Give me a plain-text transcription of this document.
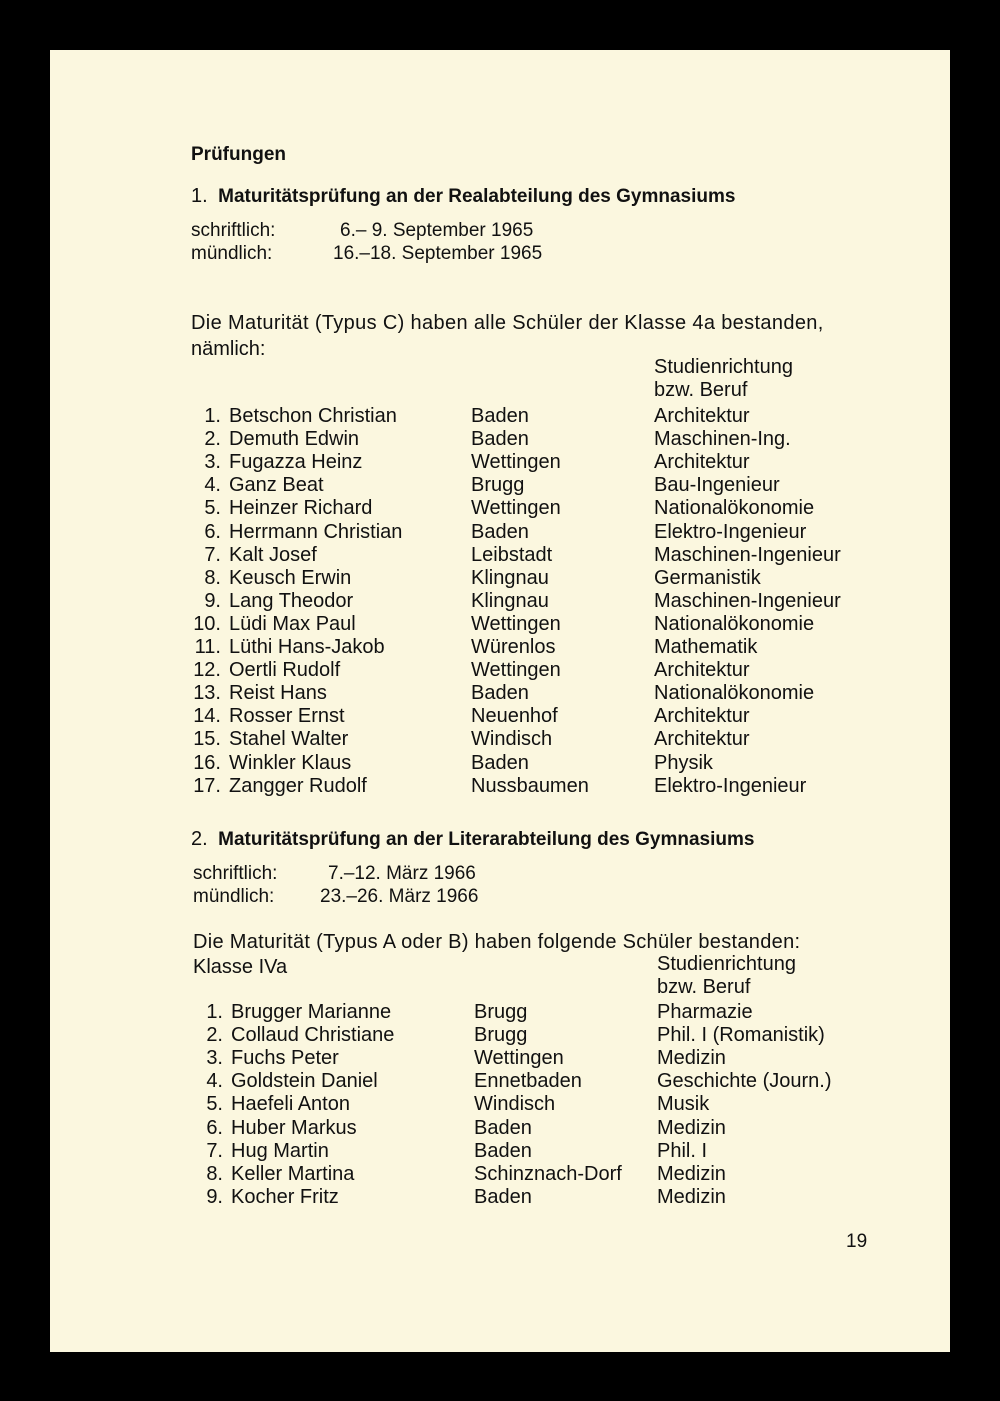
Prüfungen
1. Maturitätsprüfung an der Realabteilung des Gymnasiums
schriftlich:	6.– 9. September 1965
mündlich:	16.–18. September 1965
Die Maturität (Typus C) haben alle Schüler der Klasse 4a bestanden,
nämlich:
Studienrichtung
bzw. Beruf
1. Betschon Christian	Baden	Architektur
2. Demuth Edwin	Baden	Maschinen-Ing.
3. Fugazza Heinz	Wettingen	Architektur
4. Ganz Beat	Brugg	Bau-Ingenieur
5. Heinzer Richard	Wettingen	Nationalökonomie
6. Herrmann Christian	Baden	Elektro-Ingenieur
7. Kalt Josef	Leibstadt	Maschinen-Ingenieur
8. Keusch Erwin	Klingnau	Germanistik
9. Lang Theodor	Klingnau	Maschinen-Ingenieur
10. Lüdi Max Paul	Wettingen	Nationalökonomie
11. Lüthi Hans-Jakob	Würenlos	Mathematik
12. Oertli Rudolf	Wettingen	Architektur
13. Reist Hans	Baden	Nationalökonomie
14. Rosser Ernst	Neuenhof	Architektur
15. Stahel Walter	Windisch	Architektur
16. Winkler Klaus	Baden	Physik
17. Zangger Rudolf	Nussbaumen	Elektro-Ingenieur
2. Maturitätsprüfung an der Literarabteilung des Gymnasiums
schriftlich:	7.–12. März 1966
mündlich: 23.–26. März 1966
Die Maturität (Typus A oder B) haben folgende Schüler bestanden:
Klasse IVa	Studienrichtung
bzw. Beruf
1. Brugger Marianne	Brugg	Pharmazie
2. Collaud Christiane	Brugg	Phil. I (Romanistik)
3. Fuchs Peter	Wettingen	Medizin
4. Goldstein Daniel	Ennetbaden	Geschichte (Journ.)
5. Haefeli Anton	Windisch	Musik
6. Huber Markus	Baden	Medizin
7. Hug Martin	Baden	Phil. I
8. Keller Martina	Schinznach-Dorf Medizin
9. Kocher Fritz	Baden	Medizin
19
